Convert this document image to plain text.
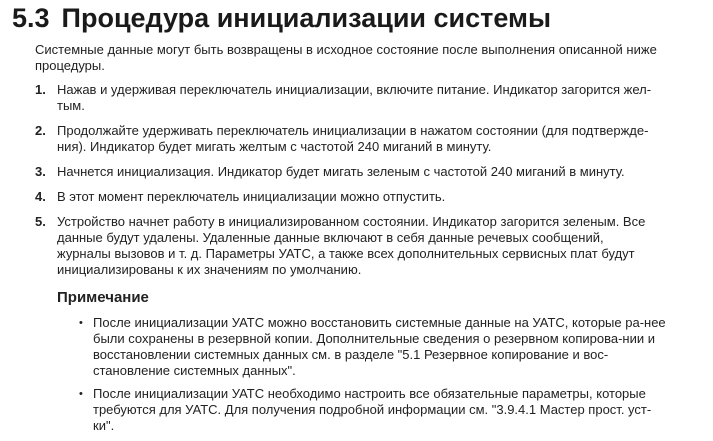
5.3 Процедура инициализации системы

Системные данные могут быть возвращены в исходное состояние после выполнения описанной ниже процедуры.

1. Нажав и удерживая переключатель инициализации, включите питание. Индикатор загорится жел-тым.
2. Продолжайте удерживать переключатель инициализации в нажатом состоянии (для подтвержде-ния). Индикатор будет мигать желтым с частотой 240 миганий в минуту.
3. Начнется инициализация. Индикатор будет мигать зеленым с частотой 240 миганий в минуту.
4. В этот момент переключатель инициализации можно отпустить.
5. Устройство начнет работу в инициализированном состоянии. Индикатор загорится зеленым. Все данные будут удалены. Удаленные данные включают в себя данные речевых сообщений, журналы вызовов и т. д. Параметры УАТС, а также всех дополнительных сервисных плат будут инициализированы к их значениям по умолчанию.
Примечание
• После инициализации УАТС можно восстановить системные данные на УАТС, которые ра-нее были сохранены в резервной копии. Дополнительные сведения о резервном копирова-нии и восстановлении системных данных см. в разделе "5.1 Резервное копирование и вос-становление системных данных".
• После инициализации УАТС необходимо настроить все обязательные параметры, которые требуются для УАТС. Для получения подробной информации см. "3.9.4.1 Мастер прост. уст-ки".
